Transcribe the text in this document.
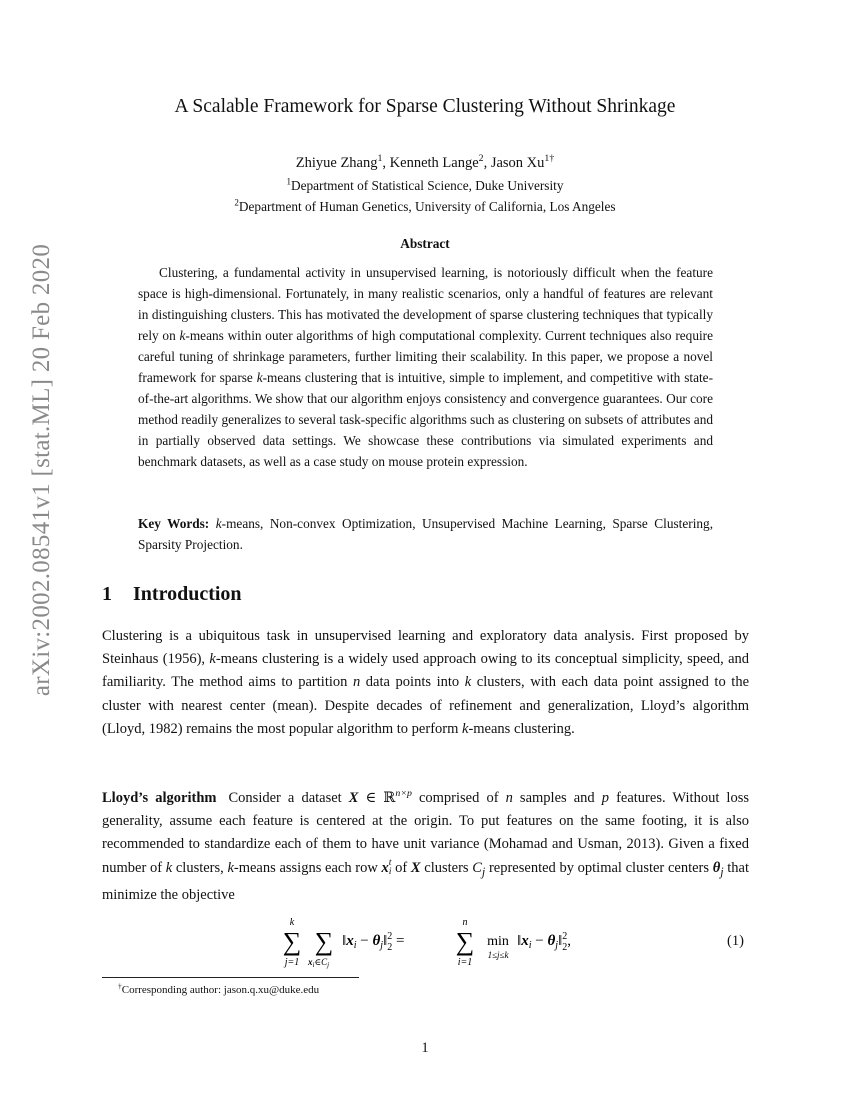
arXiv:2002.08541v1 [stat.ML] 20 Feb 2020
A Scalable Framework for Sparse Clustering Without Shrinkage
Zhiyue Zhang$^1$, Kenneth Lange$^2$, Jason $Xu^{1\dagger}$
$^1$Department of Statistical Science, Duke University
$^2$Department of Human Genetics, University of California, Los Angeles
Abstract

Clustering, a fundamental activity in unsupervised learning, is notoriously difficult when the feature space is high-dimensional. Fortunately, in many realistic scenarios, only a handful of features are relevant in distinguishing clusters. This has motivated the development of sparse clustering techniques that typically rely on k-means within outer algorithms of high computational complexity. Current techniques also require careful tuning of shrinkage parameters, further limiting their scalability. In this paper, we propose a novel framework for sparse k-means clustering that is intuitive, simple to implement, and competitive with state-of-the-art algorithms. We show that our algorithm enjoys consistency and convergence guarantees. Our core method readily generalizes to several task-specific algorithms such as clustering on subsets of attributes and in partially observed data settings. We showcase these contributions via simulated experiments and benchmark datasets, as well as a case study on mouse protein expression.

Key Words: k-means, Non-convex Optimization, Unsupervised Machine Learning, Sparse Clustering, Sparsity Projection.

1 Introduction

Clustering is a ubiquitous task in unsupervised learning and exploratory data analysis. First proposed by Steinhaus (1956), k-means clustering is a widely used approach owing to its conceptual simplicity, speed, and familiarity. The method aims to partition n data points into k clusters, with each data point assigned to the cluster with nearest center (mean). Despite decades of refinement and generalization, Lloyd’s algorithm (Lloyd, 1982) remains the most popular algorithm to perform k-means clustering.

Lloyd’s algorithm Consider a dataset X ∈ ℝ$^{n\times p}$ comprised of n samples and p features. Without loss generality, assume each feature is centered at the origin. To put features on the same footing, it is also recommended to standardize each of them to have unit variance (Mohamad and Usman, 2013). Given a fixed number of k clusters, k-means assigns each row x t
i of X clusters $C_j$ represented by optimal cluster centers $\theta_j$ that minimize the objective

k
∑
j=1
∑
$x_i\in C_j$
$‖x_i$ − $\theta_j‖^2$ 2 =
n
∑
i=1
min
1≤j≤k
$‖x_i$ − $\theta_j‖^2$ 2,	(1)
†Corresponding author: jason.q.xu@duke.edu
1
